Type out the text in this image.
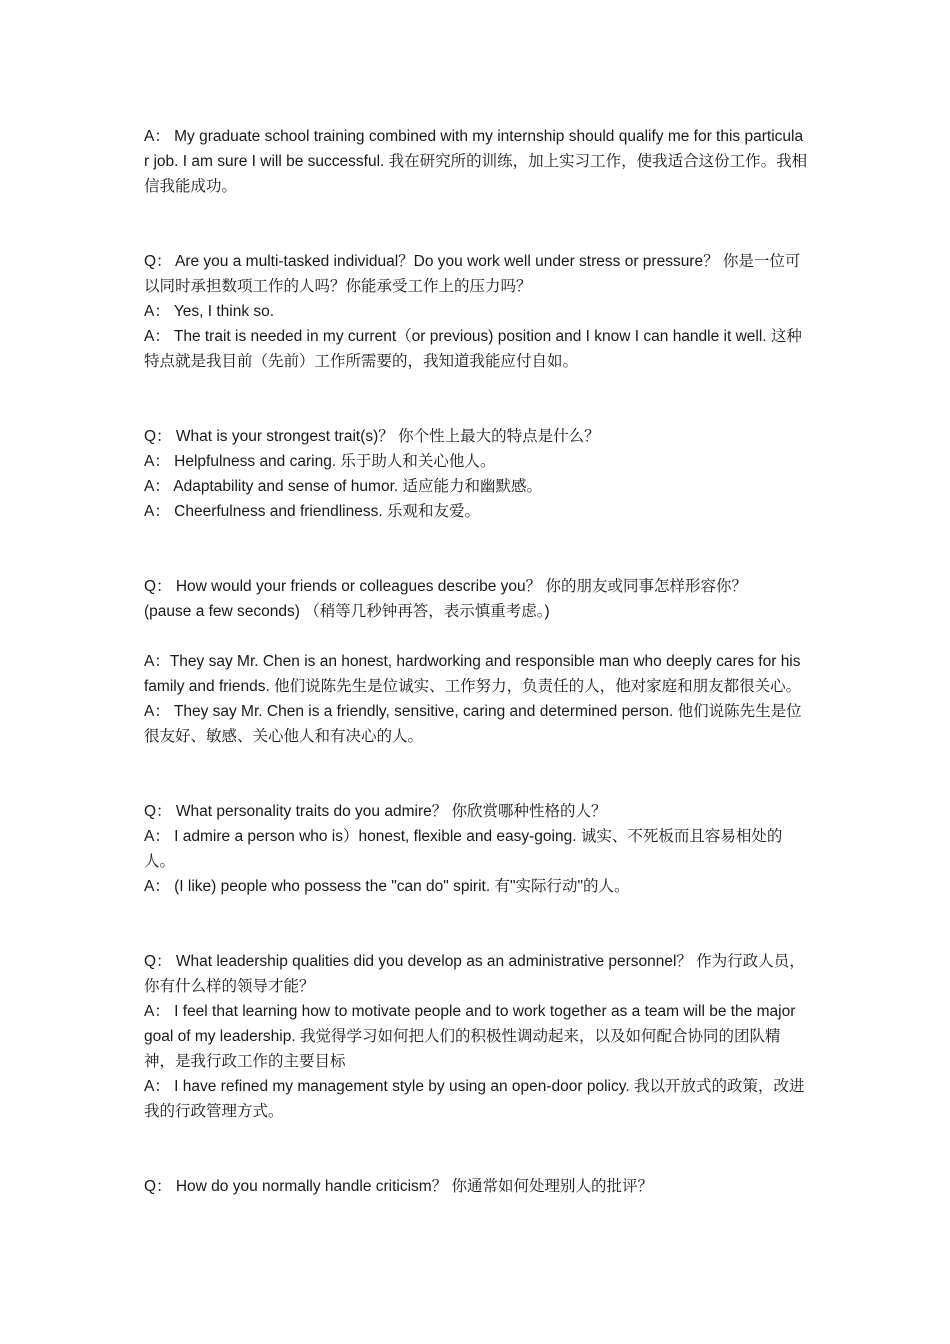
A： My graduate school training combined with my internship should qualify me for this particular job. I am sure I will be successful. 我在研究所的训练，加上实习工作，使我适合这份工作。我相信我能成功。

Q： Are you a multi-tasked individual？Do you work well under stress or pressure？ 你是一位可以同时承担数项工作的人吗？你能承受工作上的压力吗？

A： Yes, I think so.

A： The trait is needed in my current（or previous) position and I know I can handle it well. 这种特点就是我目前（先前）工作所需要的，我知道我能应付自如。

Q： What is your strongest trait(s)？ 你个性上最大的特点是什么？

A： Helpfulness and caring. 乐于助人和关心他人。

A： Adaptability and sense of humor. 适应能力和幽默感。

A： Cheerfulness and friendliness. 乐观和友爱。

Q： How would your friends or colleagues describe you？ 你的朋友或同事怎样形容你？

(pause a few seconds) （稍等几秒钟再答，表示慎重考虑。)

A：They say Mr. Chen is an honest, hardworking and responsible man who deeply cares for his family and friends. 他们说陈先生是位诚实、工作努力，负责任的人，他对家庭和朋友都很关心。

A： They say Mr. Chen is a friendly, sensitive, caring and determined person. 他们说陈先生是位很友好、敏感、关心他人和有决心的人。

Q： What personality traits do you admire？ 你欣赏哪种性格的人？

A： I admire a person who is）honest, flexible and easy-going. 诚实、不死板而且容易相处的人。

A： (I like) people who possess the "can do" spirit. 有"实际行动"的人。

Q： What leadership qualities did you develop as an administrative personnel？ 作为行政人员，你有什么样的领导才能？

A： I feel that learning how to motivate people and to work together as a team will be the major goal of my leadership. 我觉得学习如何把人们的积极性调动起来，以及如何配合协同的团队精神，是我行政工作的主要目标

A： I have refined my management style by using an open-door policy. 我以开放式的政策，改进我的行政管理方式。

Q： How do you normally handle criticism？ 你通常如何处理别人的批评？
